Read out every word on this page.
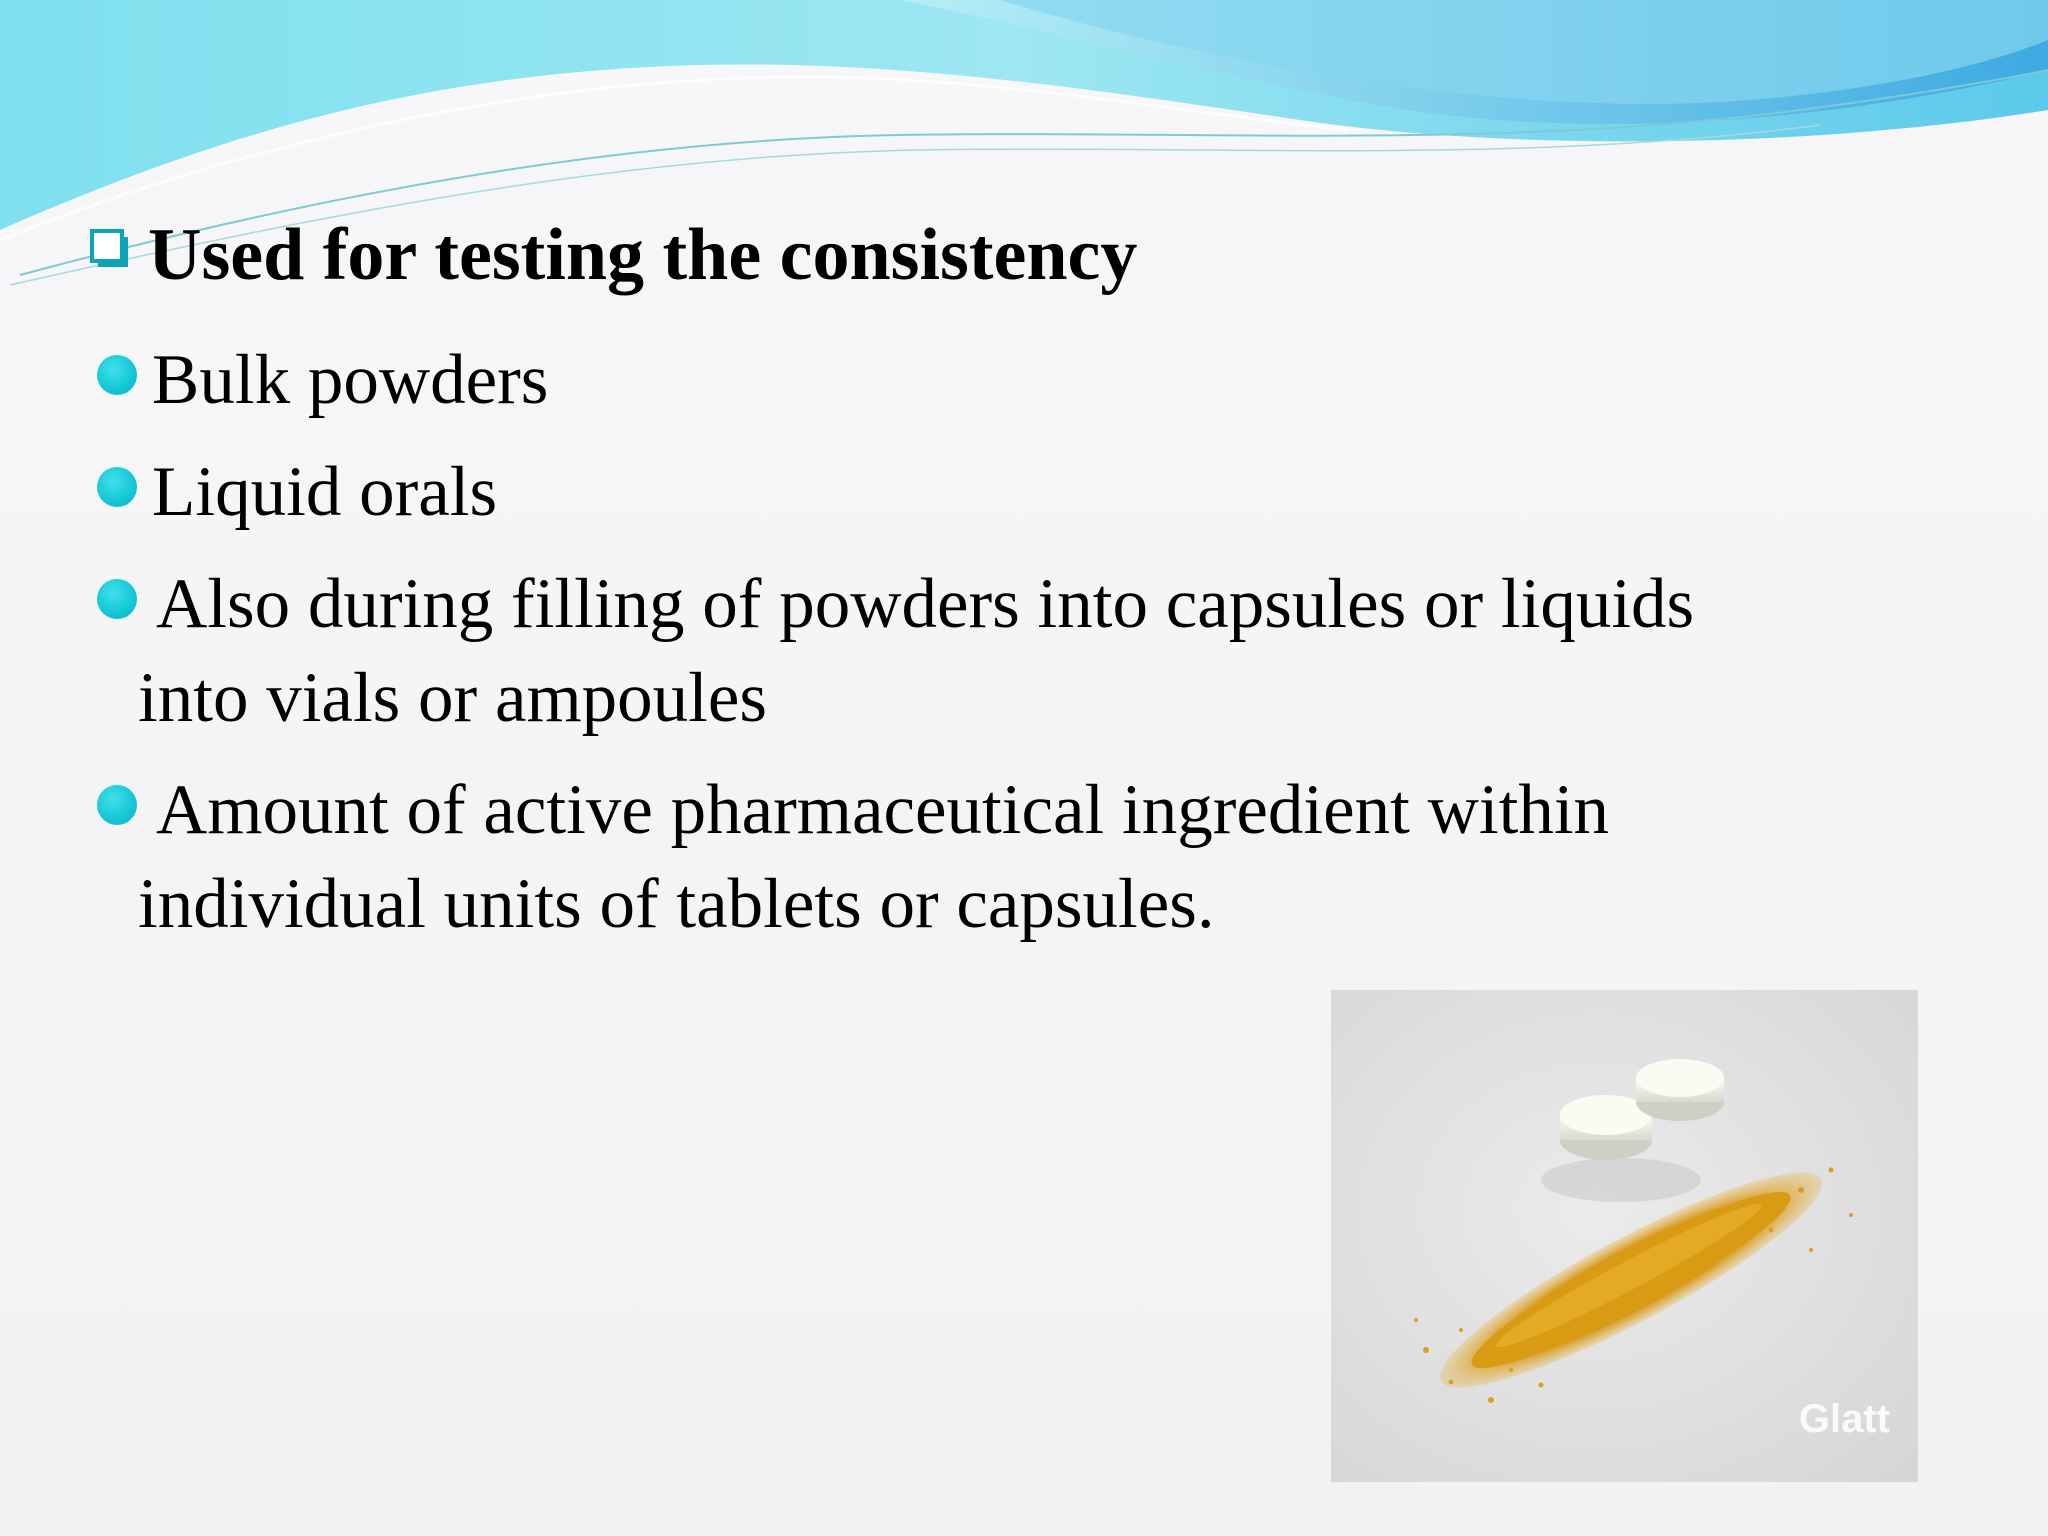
Used for testing the consistency
Bulk powders
Liquid orals
Also during filling of powders into capsules or liquids
into vials or ampoules
Amount of active pharmaceutical ingredient within
individual units of tablets or capsules.
Glatt
